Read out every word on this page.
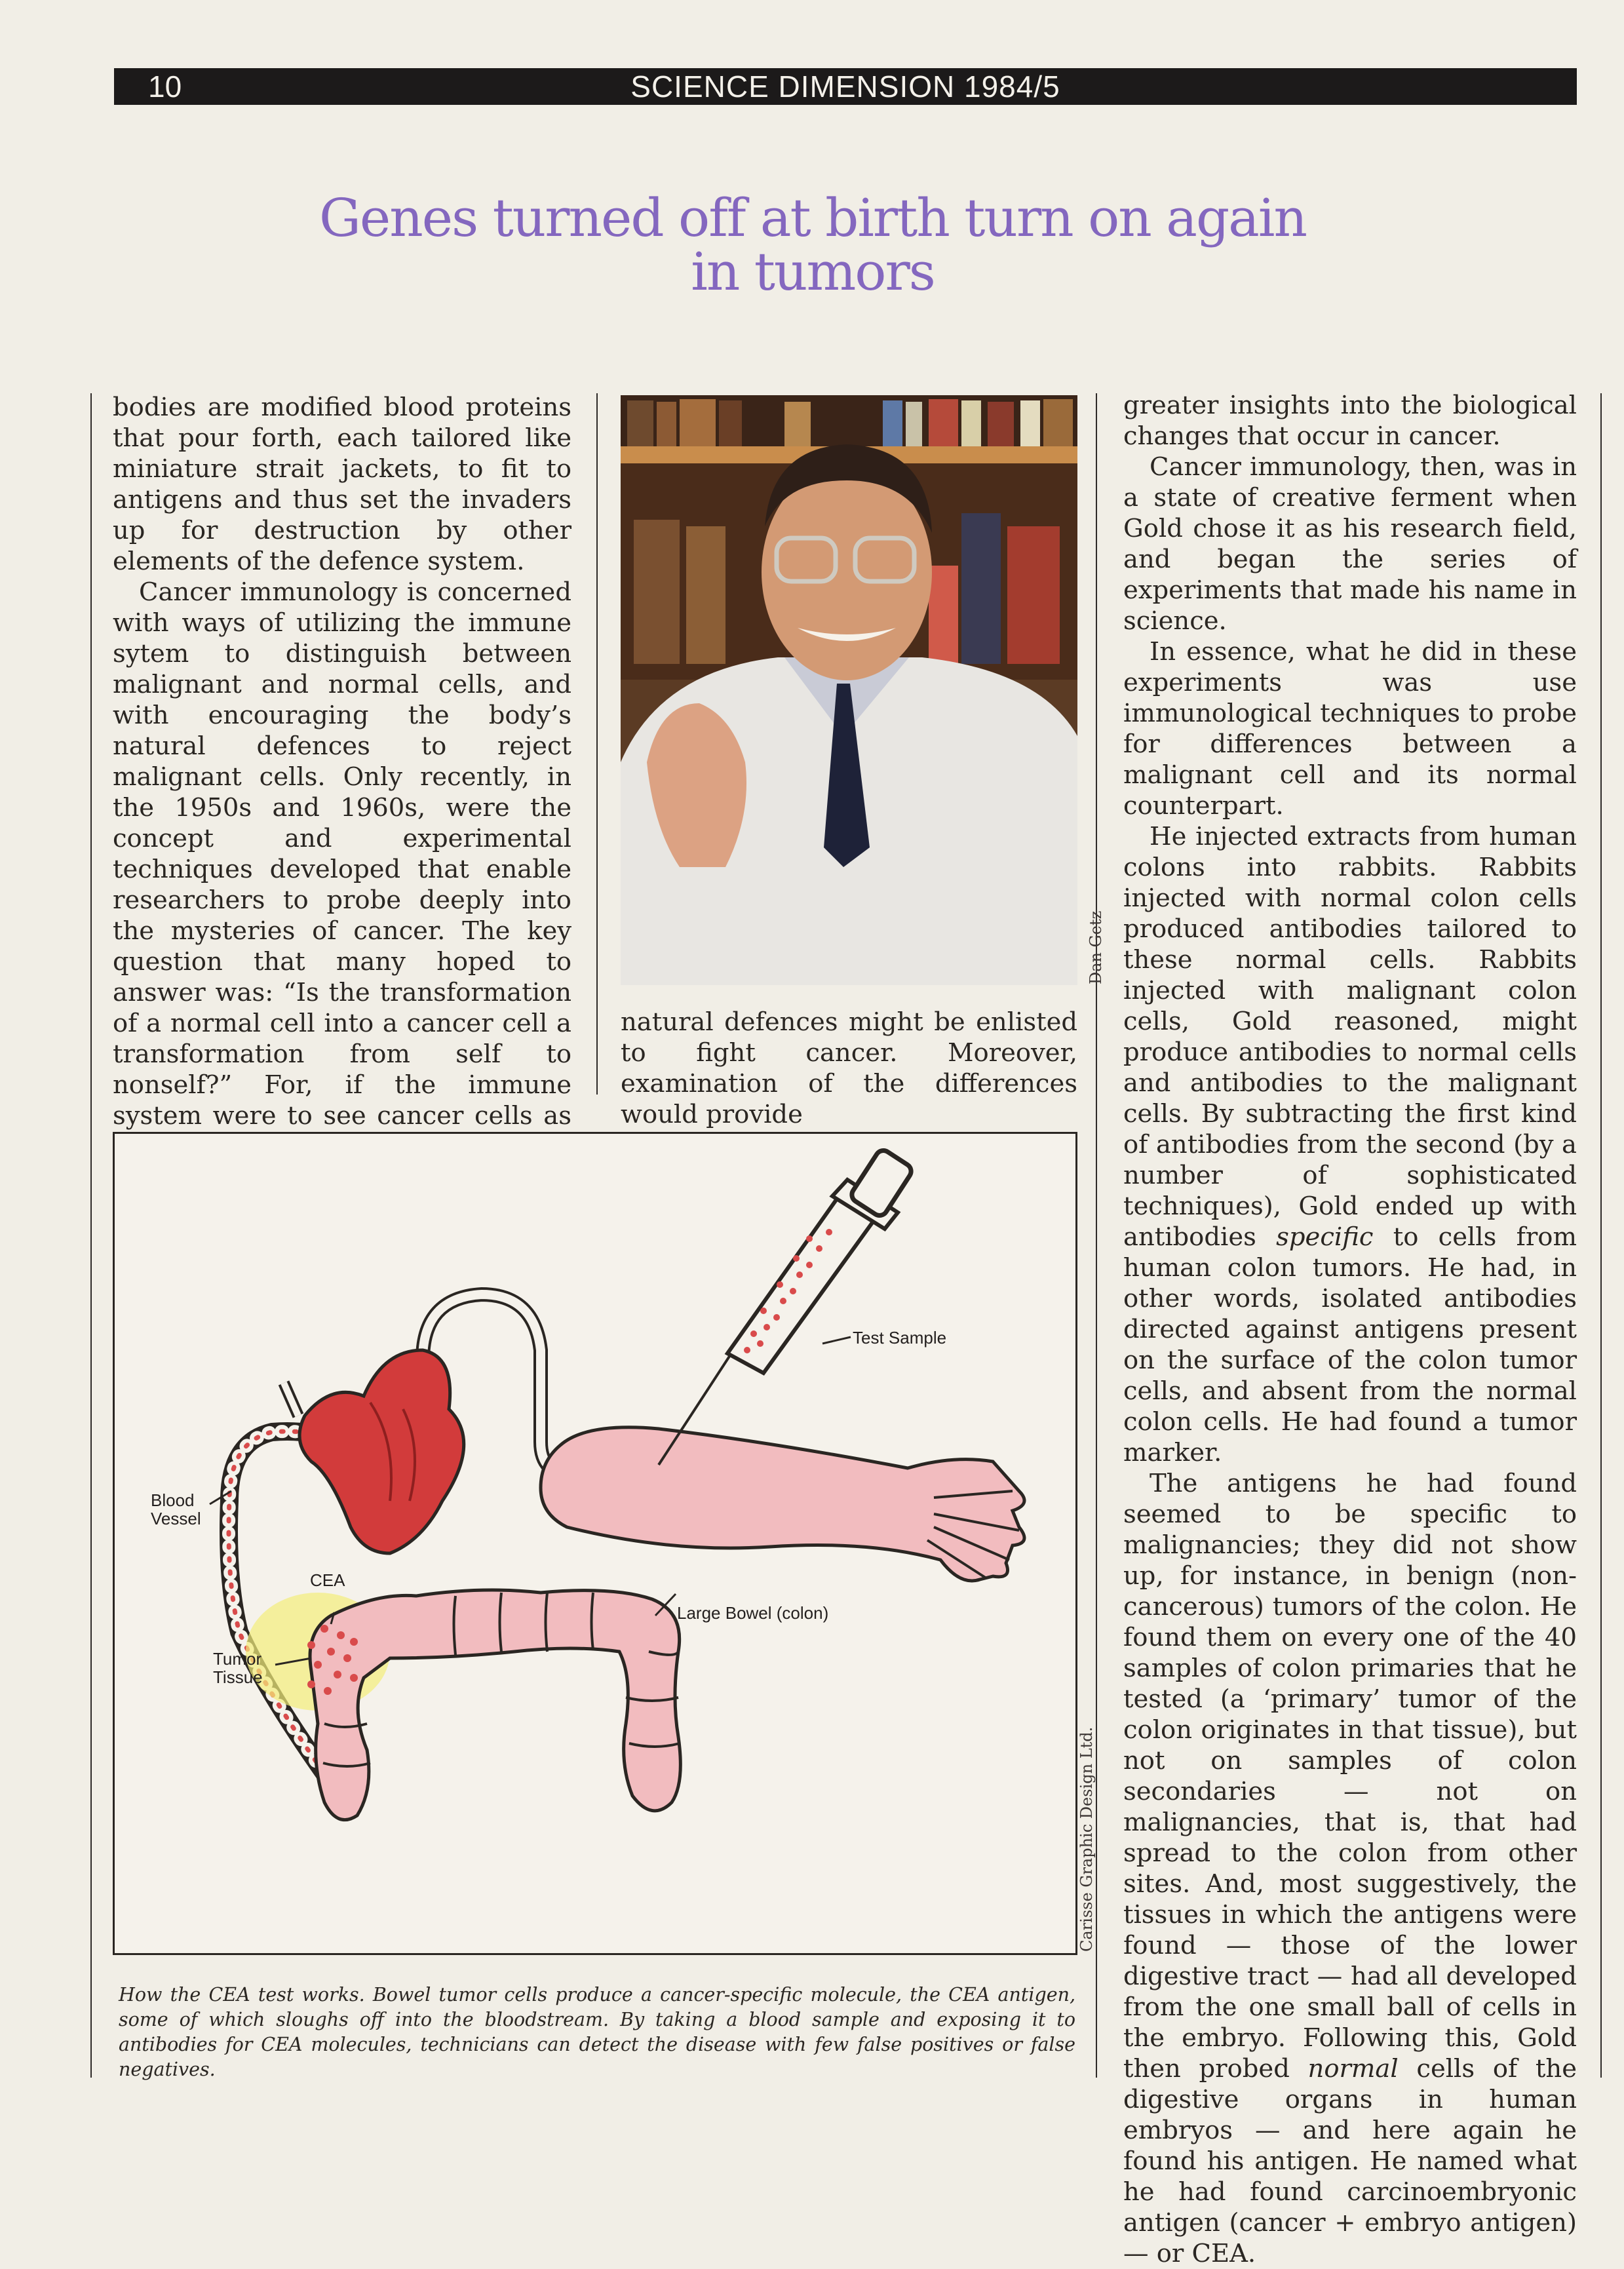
10	SCIENCE DIMENSION 1984/5
Genes turned off at birth turn on again
in tumors

bodies are modified blood proteins that pour forth, each tailored like miniature strait jackets, to fit to antigens and thus set the invaders up for destruction by other elements of the defence system.

Cancer immunology is concerned with ways of utilizing the immune sytem to distinguish between malignant and normal cells, and with encouraging the body’s natural defences to reject malignant cells. Only recently, in the 1950s and 1960s, were the concept and experimental techniques developed that enable researchers to probe deeply into the mysteries of cancer. The key question that many hoped to answer was: “Is the transformation of a normal cell into a cancer cell a transformation from self to nonself?” For, if the immune system were to see cancer cells as

Dan Getz

natural defences might be enlisted to fight cancer. Moreover, examination of the differences would provide

greater insights into the biological changes that occur in cancer.

Cancer immunology, then, was in a state of creative ferment when Gold chose it as his research field, and began the series of experiments that made his name in science.

In essence, what he did in these experiments was use immunological techniques to probe for differences between a malignant cell and its normal counterpart.

He injected extracts from human colons into rabbits. Rabbits injected with normal colon cells produced antibodies tailored to these normal cells. Rabbits injected with malignant colon cells, Gold reasoned, might produce antibodies to normal cells and antibodies to the malignant cells. By subtracting the first kind of antibodies from the second (by a number of sophisticated techniques), Gold ended up with antibodies specific to cells from human colon tumors. He had, in other words, isolated antibodies directed against antigens present on the surface of the colon tumor cells, and absent from the normal colon cells. He had found a tumor marker.

The antigens he had found seemed to be specific to malignancies; they did not show up, for instance, in benign (non-cancerous) tumors of the colon. He found them on every one of the 40 samples of colon primaries that he tested (a ‘primary’ tumor of the colon originates in that tissue), but not on samples of colon secondaries — not on malignancies, that is, that had spread to the colon from other sites. And, most suggestively, the tissues in which the antigens were found — those of the lower digestive tract — had all developed from the one small ball of cells in the embryo. Following this, Gold then probed normal cells of the digestive organs in human embryos — and here again he found his antigen. He named what he had found carcinoembryonic antigen (cancer + embryo antigen) — or CEA.

Test Sample
Blood
Vessel
CEA
Large Bowel (colon)
Tumor
Tissue
Carisse Graphic Design Ltd.

How the CEA test works. Bowel tumor cells produce a cancer-specific molecule, the CEA antigen, some of which sloughs off into the bloodstream. By taking a blood sample and exposing it to antibodies for CEA molecules, technicians can detect the disease with few false positives or false negatives.
